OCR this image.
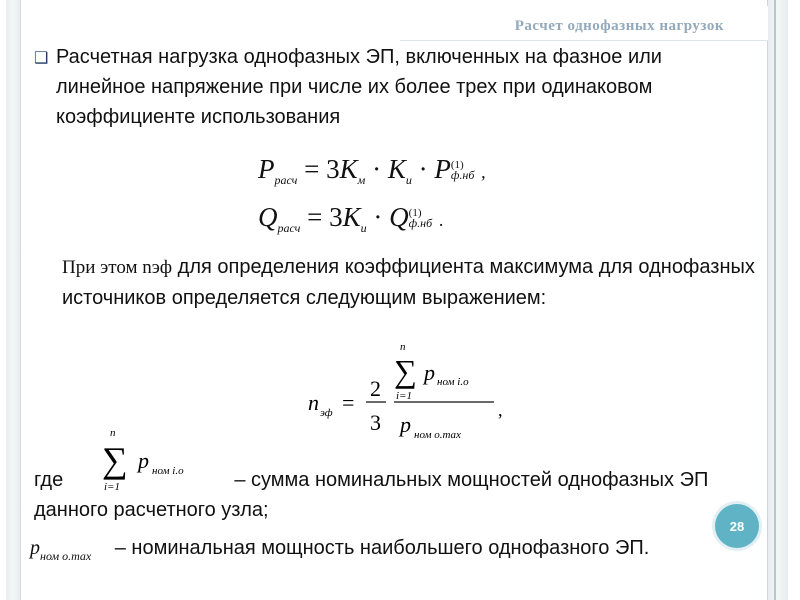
Расчет однофазных нагрузок
❑ Расчетная нагрузка однофазных ЭП, включенных на фазное или линейное напряжение при числе их более трех при одинаковом коэффициенте использования
$P_{расч} = 3K_м \cdot K_и \cdot P$ (1)
ф.нб ,
$Q_{расч} = 3K_и \cdot Q$ (1)
ф.нб .
При этом nэф для определения коэффициента максимума для однофазных источников определяется следующим выражением:
n эф =
2
3
n
∑
i=1
p ном i.o
p ном о.max
,
где	– сумма номинальных мощностей однофазных ЭП данного расчетного узла;
n
∑
i=1
p ном i.o
$p_{ном о.max}$ – номинальная мощность наибольшего однофазного ЭП.
28
